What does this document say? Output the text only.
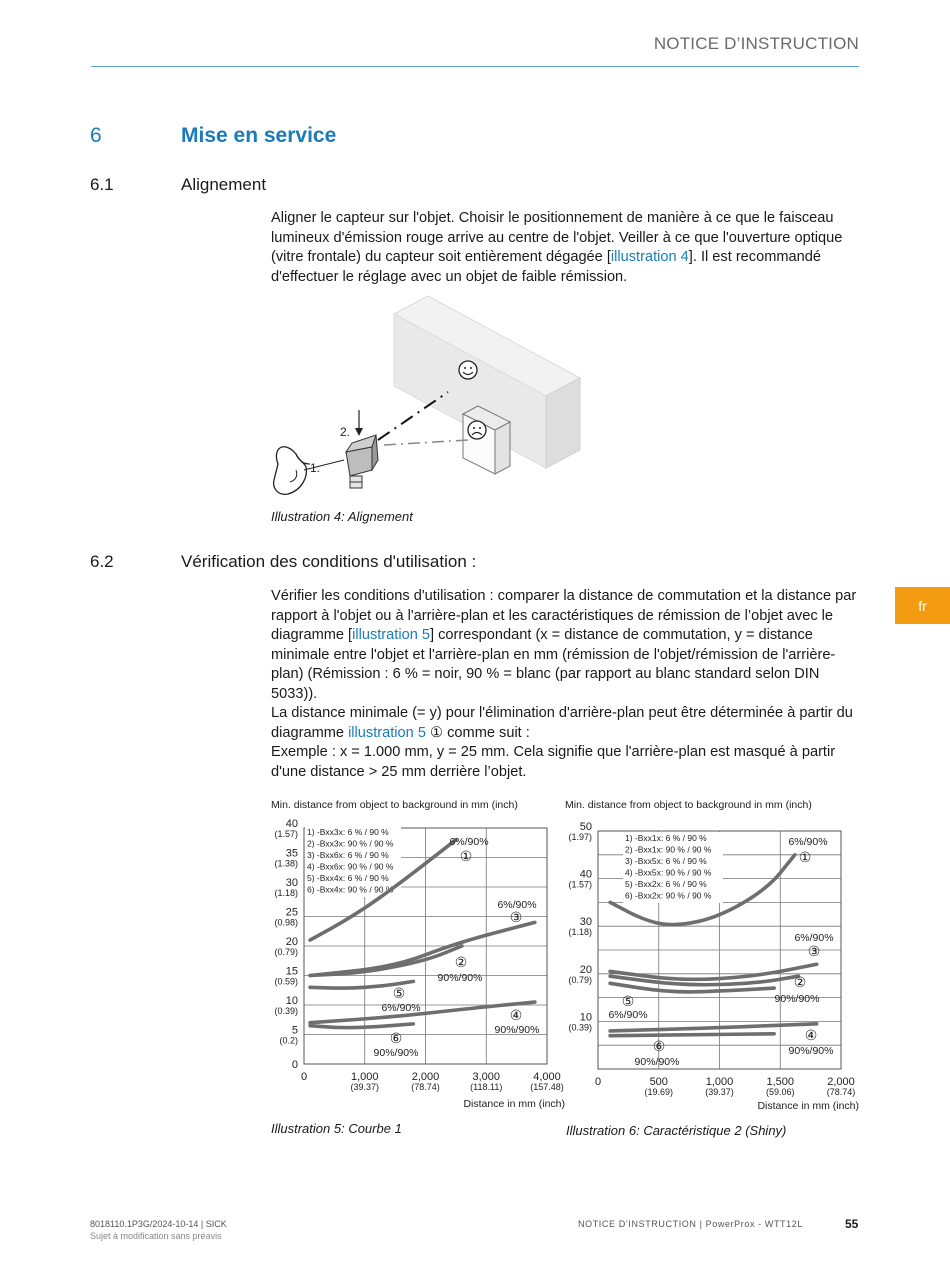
NOTICE D’INSTRUCTION
6	Mise en service
6.1	Alignement
Aligner le capteur sur l'objet. Choisir le positionnement de manière à ce que le faisceau lumineux d'émission rouge arrive au centre de l'objet. Veiller à ce que l'ouverture optique (vitre frontale) du capteur soit entièrement dégagée [illustration 4]. Il est recommandé d'effectuer le réglage avec un objet de faible rémission.
2.
1.
Illustration 4: Alignement
6.2	Vérification des conditions d'utilisation :
Vérifier les conditions d'utilisation : comparer la distance de commutation et la distance par rapport à l'objet ou à l'arrière-plan et les caractéristiques de rémission de l’objet avec le diagramme [illustration 5] correspondant (x = distance de commutation, y = distance minimale entre l'objet et l'arrière-plan en mm (rémission de l'objet/rémission de l'arrière-plan) (Rémission : 6 % = noir, 90 % = blanc (par rapport au blanc standard selon DIN 5033)).
La distance minimale (= y) pour l'élimination d'arrière-plan peut être déterminée à partir du diagramme illustration 5 ① comme suit :
Exemple : x = 1.000 mm, y = 25 mm. Cela signifie que l'arrière-plan est masqué à partir d'une distance > 25 mm derrière l’objet.
fr
Min. distance from object to background in mm (inch)
0	1,000
(39.37)
2,000
(78.74)
3,000
(118.11)
4,000
(157.48)
40
(1.57)
35
(1.38)
30
(1.18)
25
(0.98)
20
(0.79)
15
(0.59)
10
(0.39)
5
(0.2)
0
Distance in mm (inch)
1) -Bxx3x: 6 % / 90 %
2) -Bxx3x: 90 % / 90 %
3) -Bxx6x: 6 % / 90 %
4) -Bxx6x: 90 % / 90 %
5) -Bxx4x: 6 % / 90 %
6) -Bxx4x: 90 % / 90 %
①
6%/90%
②
90%/90%
③
6%/90%
④
90%/90%
⑤
6%/90%
⑥
90%/90%
Min. distance from object to background in mm (inch)
0	500
(19.69)
1,000
(39.37)
1,500
(59.06)
2,000
(78.74)
50
(1.97)
40
(1.57)
30
(1.18)
20
(0.79)
10
(0.39)
Distance in mm (inch)
1) -Bxx1x: 6 % / 90 %
2) -Bxx1x: 90 % / 90 %
3) -Bxx5x: 6 % / 90 %
4) -Bxx5x: 90 % / 90 %
5) -Bxx2x: 6 % / 90 %
6) -Bxx2x: 90 % / 90 %
①
6%/90%
②
90%/90%
③
6%/90%
④
90%/90%
⑤
6%/90%
⑥
90%/90%
Illustration 5: Courbe 1	Illustration 6: Caractéristique 2 (Shiny)
8018110.1P3G/2024-10-14 | SICK
Sujet à modification sans préavis
NOTICE D’INSTRUCTION | PowerProx - WTT12L	55
